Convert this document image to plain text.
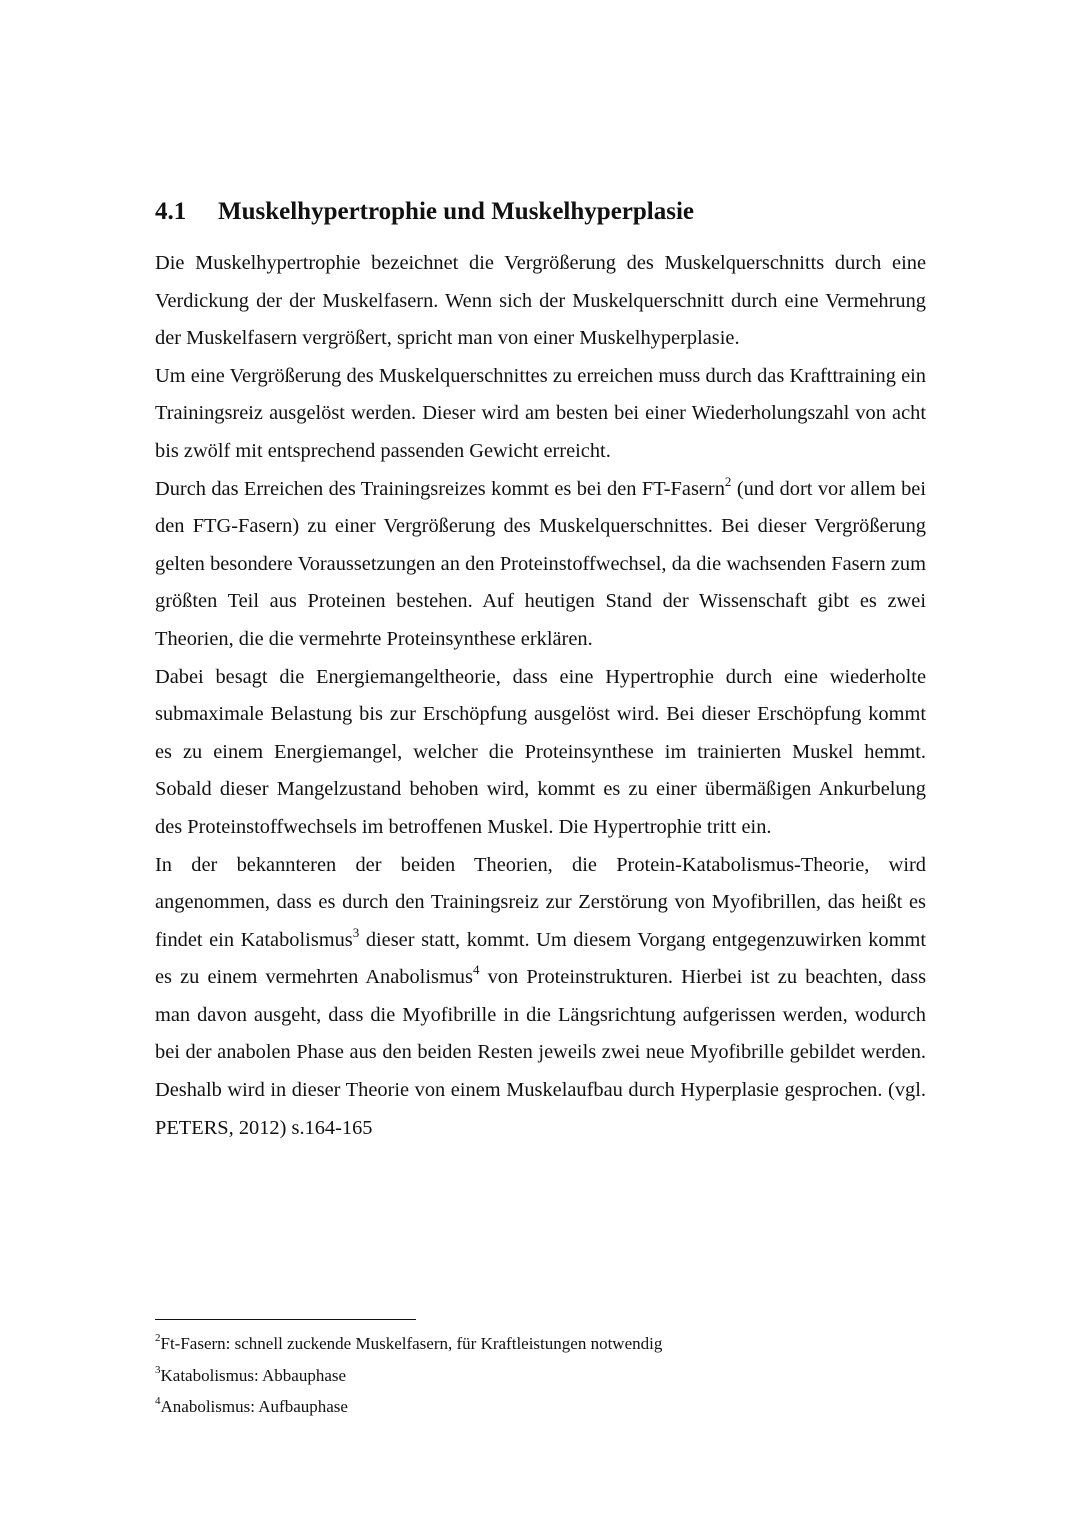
4.1 Muskelhypertrophie und Muskelhyperplasie

Die Muskelhypertrophie bezeichnet die Vergrößerung des Muskelquerschnitts durch eine Verdickung der der Muskelfasern. Wenn sich der Muskelquerschnitt durch eine Vermehrung der Muskelfasern vergrößert, spricht man von einer Muskelhyperplasie.

Um eine Vergrößerung des Muskelquerschnittes zu erreichen muss durch das Krafttraining ein Trainingsreiz ausgelöst werden. Dieser wird am besten bei einer Wiederholungszahl von acht bis zwölf mit entsprechend passenden Gewicht erreicht.

Durch das Erreichen des Trainingsreizes kommt es bei den FT-Fasern$^2$ (und dort vor allem bei den FTG-Fasern) zu einer Vergrößerung des Muskelquerschnittes. Bei dieser Vergrößerung gelten besondere Voraussetzungen an den Proteinstoffwechsel, da die wachsenden Fasern zum größten Teil aus Proteinen bestehen. Auf heutigen Stand der Wissenschaft gibt es zwei Theorien, die die vermehrte Proteinsynthese erklären.

Dabei besagt die Energiemangeltheorie, dass eine Hypertrophie durch eine wiederholte submaximale Belastung bis zur Erschöpfung ausgelöst wird. Bei dieser Erschöpfung kommt es zu einem Energiemangel, welcher die Proteinsynthese im trainierten Muskel hemmt. Sobald dieser Mangelzustand behoben wird, kommt es zu einer übermäßigen Ankurbelung des Proteinstoffwechsels im betroffenen Muskel. Die Hypertrophie tritt ein.

In der bekannteren der beiden Theorien, die Protein-Katabolismus-Theorie, wird angenommen, dass es durch den Trainingsreiz zur Zerstörung von Myofibrillen, das heißt es findet ein Katabolismus$^3$ dieser statt, kommt. Um diesem Vorgang entgegenzuwirken kommt es zu einem vermehrten Anabolismus$^4$ von Proteinstrukturen. Hierbei ist zu beachten, dass man davon ausgeht, dass die Myofibrille in die Längsrichtung aufgerissen werden, wodurch bei der anabolen Phase aus den beiden Resten jeweils zwei neue Myofibrille gebildet werden. Deshalb wird in dieser Theorie von einem Muskelaufbau durch Hyperplasie gesprochen. (vgl. PETERS, 2012) s.164-165

$^2$Ft-Fasern: schnell zuckende Muskelfasern, für Kraftleistungen notwendig

$^3$Katabolismus: Abbauphase

$^4$Anabolismus: Aufbauphase
